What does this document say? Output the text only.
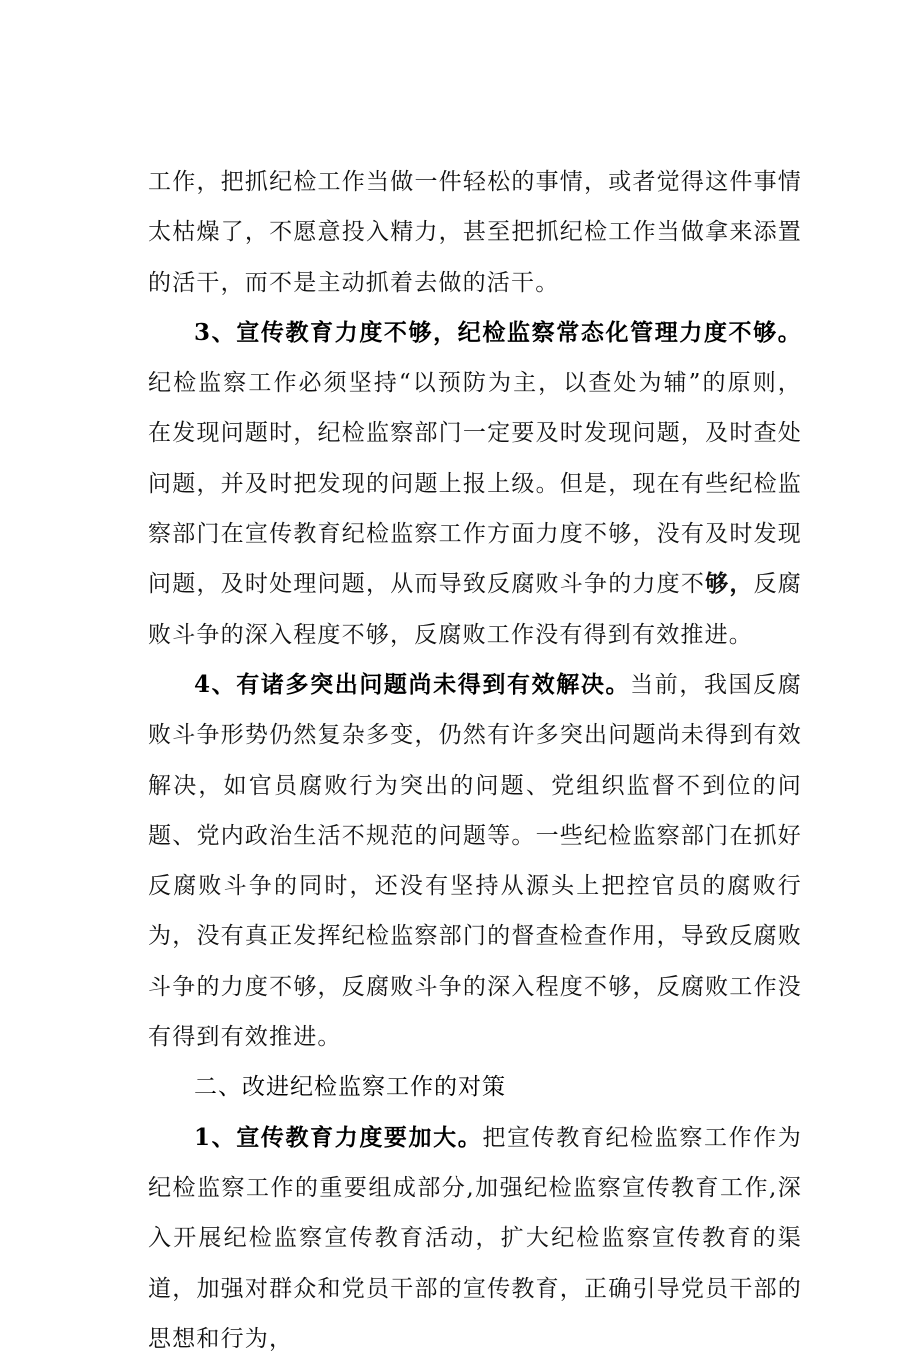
工作，把抓纪检工作当做一件轻松的事情，或者觉得这件事情太枯燥了，不愿意投入精力，甚至把抓纪检工作当做拿来添置的活干，而不是主动抓着去做的活干。

3、宣传教育力度不够，纪检监察常态化管理力度不够。纪检监察工作必须坚持“以预防为主，以查处为辅”的原则，在发现问题时，纪检监察部门一定要及时发现问题，及时查处问题，并及时把发现的问题上报上级。但是，现在有些纪检监察部门在宣传教育纪检监察工作方面力度不够，没有及时发现问题，及时处理问题，从而导致反腐败斗争的力度不够，反腐败斗争的深入程度不够，反腐败工作没有得到有效推进。

4、有诸多突出问题尚未得到有效解决。当前，我国反腐败斗争形势仍然复杂多变，仍然有许多突出问题尚未得到有效解决，如官员腐败行为突出的问题、党组织监督不到位的问题、党内政治生活不规范的问题等。一些纪检监察部门在抓好反腐败斗争的同时，还没有坚持从源头上把控官员的腐败行为，没有真正发挥纪检监察部门的督查检查作用，导致反腐败斗争的力度不够，反腐败斗争的深入程度不够，反腐败工作没有得到有效推进。

二、改进纪检监察工作的对策

1、宣传教育力度要加大。把宣传教育纪检监察工作作为纪检监察工作的重要组成部分,加强纪检监察宣传教育工作,深入开展纪检监察宣传教育活动，扩大纪检监察宣传教育的渠道，加强对群众和党员干部的宣传教育，正确引导党员干部的思想和行为，
